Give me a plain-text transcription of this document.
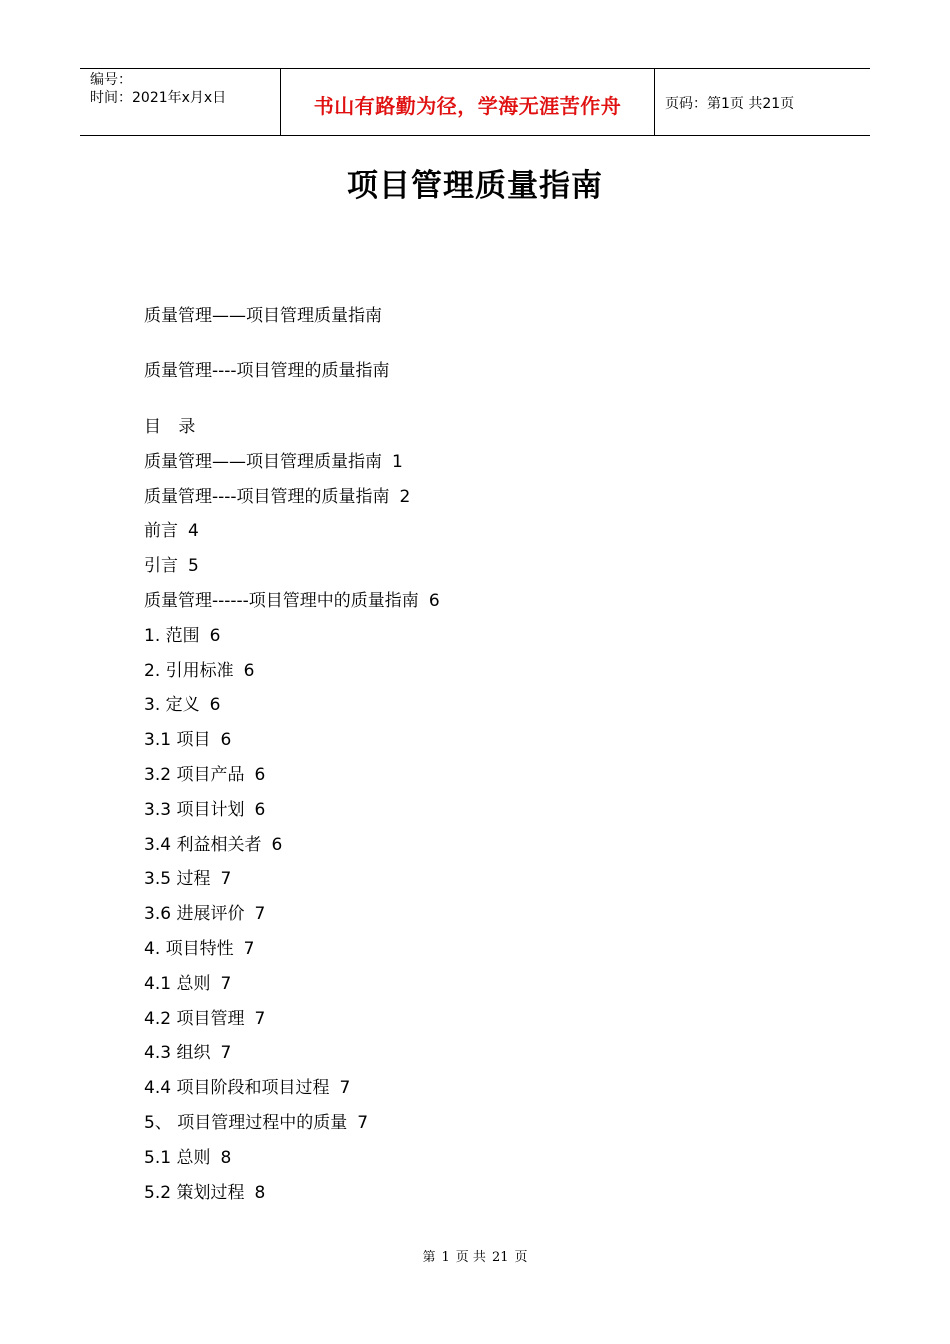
编号：
时间：2021年x月x日	书山有路勤为径，学海无涯苦作舟	页码：第1页 共21页
项目管理质量指南
质量管理——项目管理质量指南
质量管理----项目管理的质量指南
目 录
质量管理——项目管理质量指南 1
质量管理----项目管理的质量指南 2
前言 4
引言 5
质量管理------项目管理中的质量指南 6
1. 范围 6
2. 引用标准 6
3. 定义 6
3.1 项目 6
3.2 项目产品 6
3.3 项目计划 6
3.4 利益相关者 6
3.5 过程 7
3.6 进展评价 7
4. 项目特性 7
4.1 总则 7
4.2 项目管理 7
4.3 组织 7
4.4 项目阶段和项目过程 7
5、 项目管理过程中的质量 7
5.1 总则 8
5.2 策划过程 8
第 1 页 共 21 页
